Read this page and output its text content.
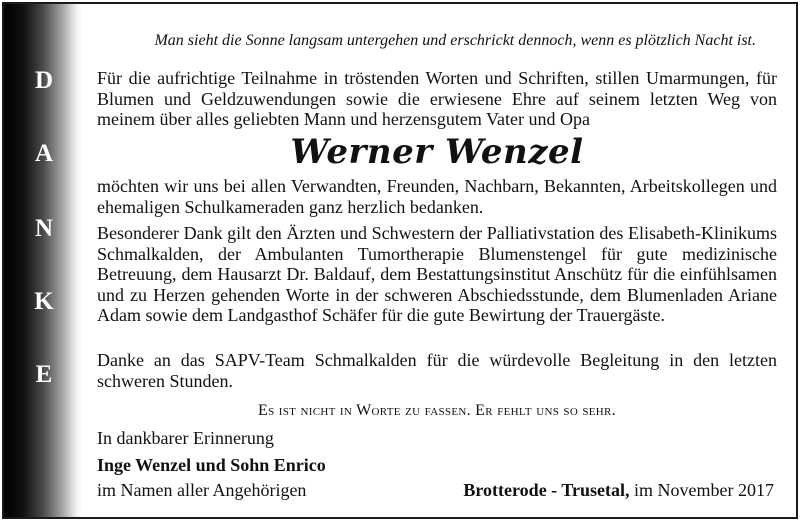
D
A
N
K
E
Man sieht die Sonne langsam untergehen und erschrickt dennoch, wenn es plötzlich Nacht ist.
Für die aufrichtige Teilnahme in tröstenden Worten und Schriften, stillen Umarmungen, für Blumen und Geldzuwendungen sowie die erwiesene Ehre auf seinem letzten Weg von meinem über alles geliebten Mann und herzensgutem Vater und Opa
Werner Wenzel
möchten wir uns bei allen Verwandten, Freunden, Nachbarn, Bekannten, Arbeitskollegen und ehemaligen Schulkameraden ganz herzlich bedanken.
Besonderer Dank gilt den Ärzten und Schwestern der Palliativstation des Elisabeth-Klinikums Schmalkalden, der Ambulanten Tumortherapie Blumenstengel für gute medizinische Betreuung, dem Hausarzt Dr. Baldauf, dem Bestattungsinstitut Anschütz für die einfühlsamen und zu Herzen gehenden Worte in der schweren Abschiedsstunde, dem Blumenladen Ariane Adam sowie dem Landgasthof Schäfer für die gute Bewirtung der Trauergäste.
Danke an das SAPV-Team Schmalkalden für die würdevolle Begleitung in den letzten schweren Stunden.
Es ist nicht in Worte zu fassen. Er fehlt uns so sehr.
In dankbarer Erinnerung
Inge Wenzel und Sohn Enrico
im Namen aller Angehörigen	Brotterode - Trusetal, im November 2017
